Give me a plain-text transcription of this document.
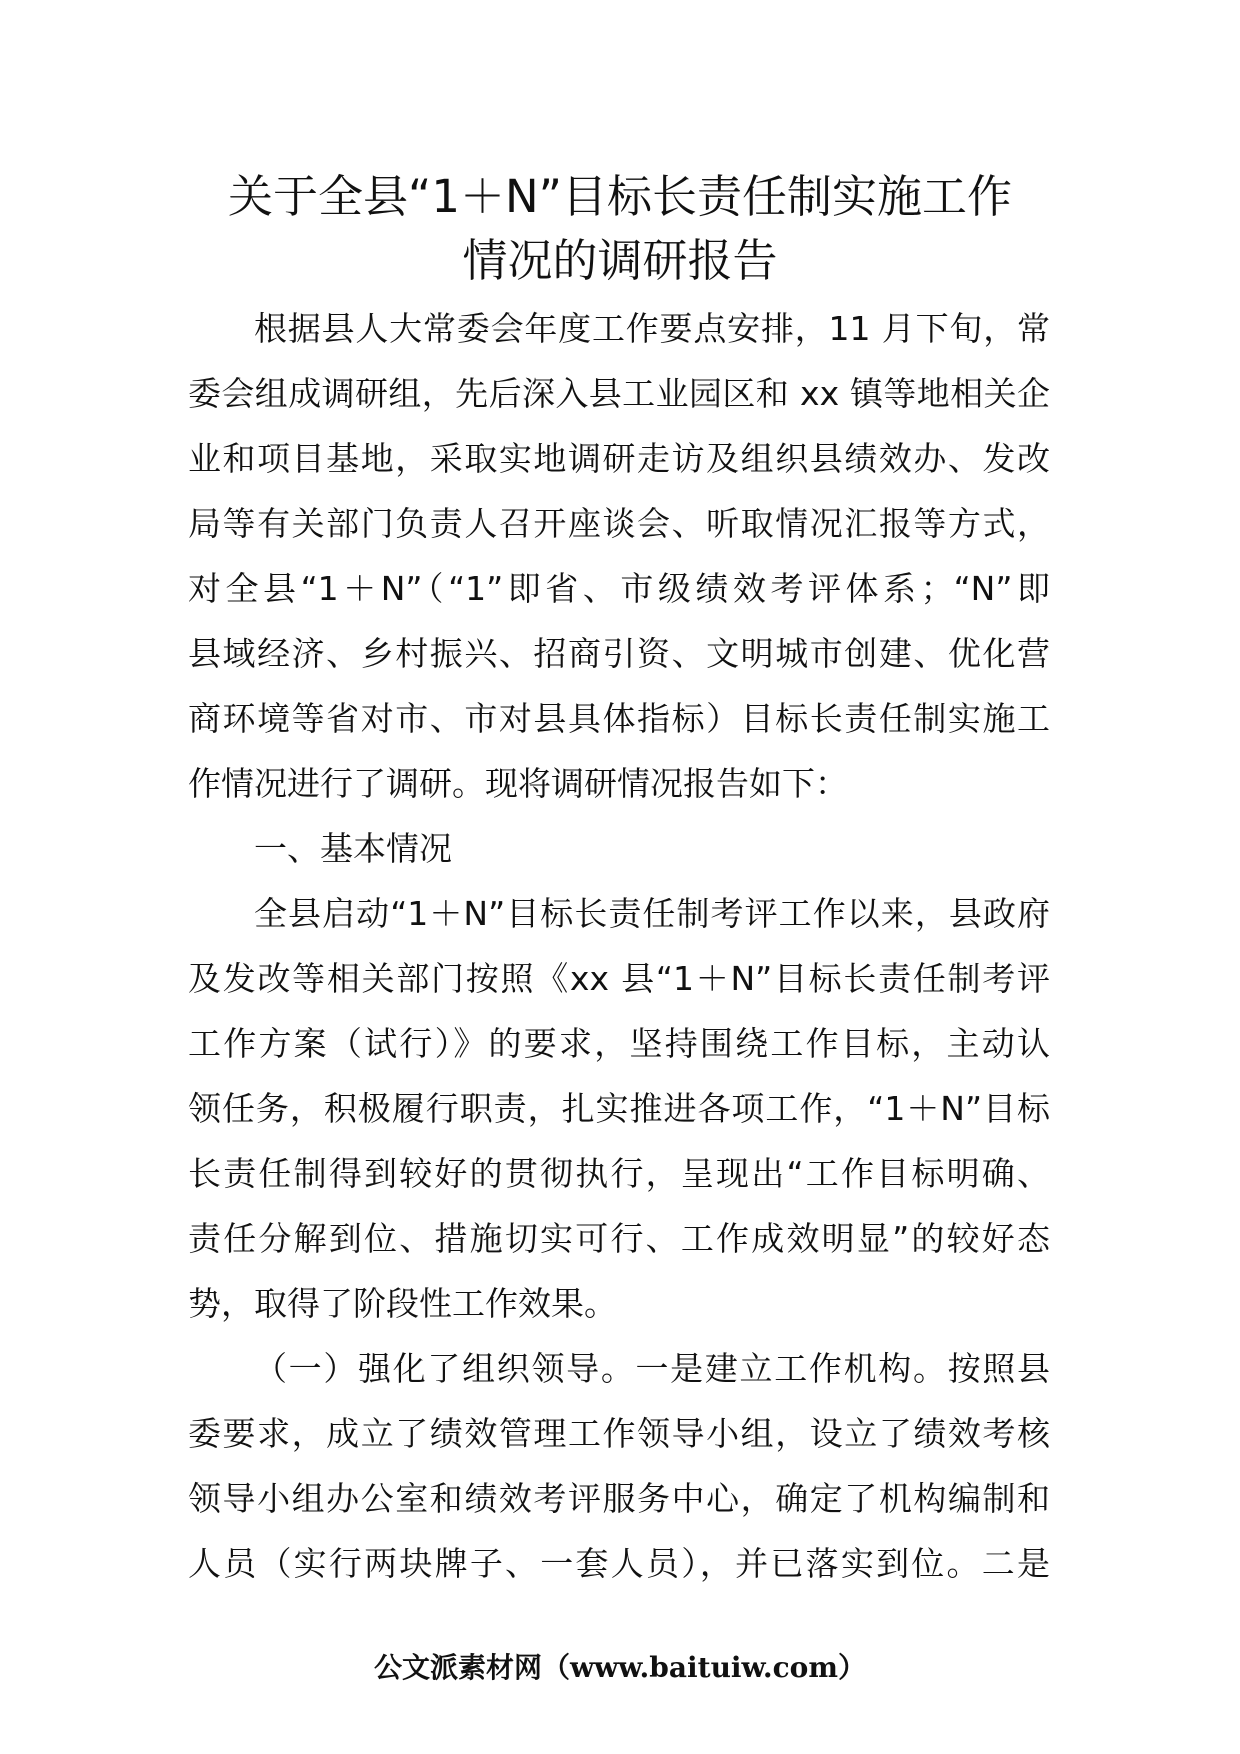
关于全县“1＋N”目标长责任制实施工作
情况的调研报告
根据县人大常委会年度工作要点安排，11 月下旬，常
委会组成调研组，先后深入县工业园区和 xx 镇等地相关企
业和项目基地，采取实地调研走访及组织县绩效办、发改
局等有关部门负责人召开座谈会、听取情况汇报等方式，
对全县“1＋N”（“1”即省、市级绩效考评体系；“N”即
县域经济、乡村振兴、招商引资、文明城市创建、优化营
商环境等省对市、市对县具体指标）目标长责任制实施工
作情况进行了调研。现将调研情况报告如下：
一、基本情况
全县启动“1＋N”目标长责任制考评工作以来，县政府
及发改等相关部门按照《xx 县“1＋N”目标长责任制考评
工作方案（试行）》的要求，坚持围绕工作目标，主动认
领任务，积极履行职责，扎实推进各项工作，“1＋N”目标
长责任制得到较好的贯彻执行，呈现出“工作目标明确、
责任分解到位、措施切实可行、工作成效明显”的较好态
势，取得了阶段性工作效果。
（一）强化了组织领导。一是建立工作机构。按照县
委要求，成立了绩效管理工作领导小组，设立了绩效考核
领导小组办公室和绩效考评服务中心，确定了机构编制和
人员（实行两块牌子、一套人员），并已落实到位。二是
公文派素材网（www.baituiw.com）
